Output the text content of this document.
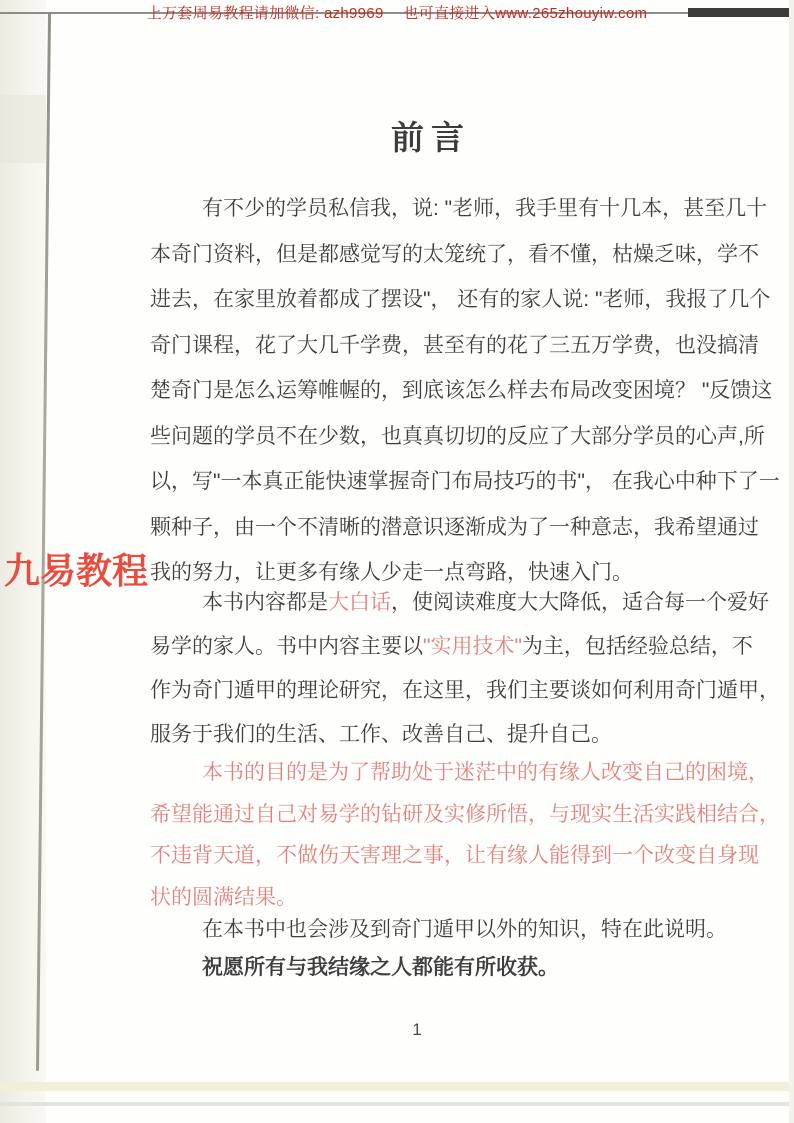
上万套周易教程请加微信: azh9969　 也可直接进入www.265zhouyiw.com
前言
九易教程
有不少的学员私信我，说: "老师，我手里有十几本，甚至几十
本奇门资料，但是都感觉写的太笼统了，看不懂，枯燥乏味，学不
进去，在家里放着都成了摆设"， 还有的家人说: "老师，我报了几个
奇门课程，花了大几千学费，甚至有的花了三五万学费，也没搞清
楚奇门是怎么运筹帷幄的，到底该怎么样去布局改变困境？ "反馈这
些问题的学员不在少数，也真真切切的反应了大部分学员的心声,所
以，写"一本真正能快速掌握奇门布局技巧的书"， 在我心中种下了一
颗种子，由一个不清晰的潜意识逐渐成为了一种意志，我希望通过
我的努力，让更多有缘人少走一点弯路，快速入门。
本书内容都是大白话，使阅读难度大大降低，适合每一个爱好
易学的家人。书中内容主要以"实用技术"为主，包括经验总结，不
作为奇门遁甲的理论研究，在这里，我们主要谈如何利用奇门遁甲，
服务于我们的生活、工作、改善自己、提升自己。
本书的目的是为了帮助处于迷茫中的有缘人改变自己的困境，
希望能通过自己对易学的钻研及实修所悟，与现实生活实践相结合，
不违背天道，不做伤天害理之事，让有缘人能得到一个改变自身现
状的圆满结果。
在本书中也会涉及到奇门遁甲以外的知识，特在此说明。
祝愿所有与我结缘之人都能有所收获。
1
